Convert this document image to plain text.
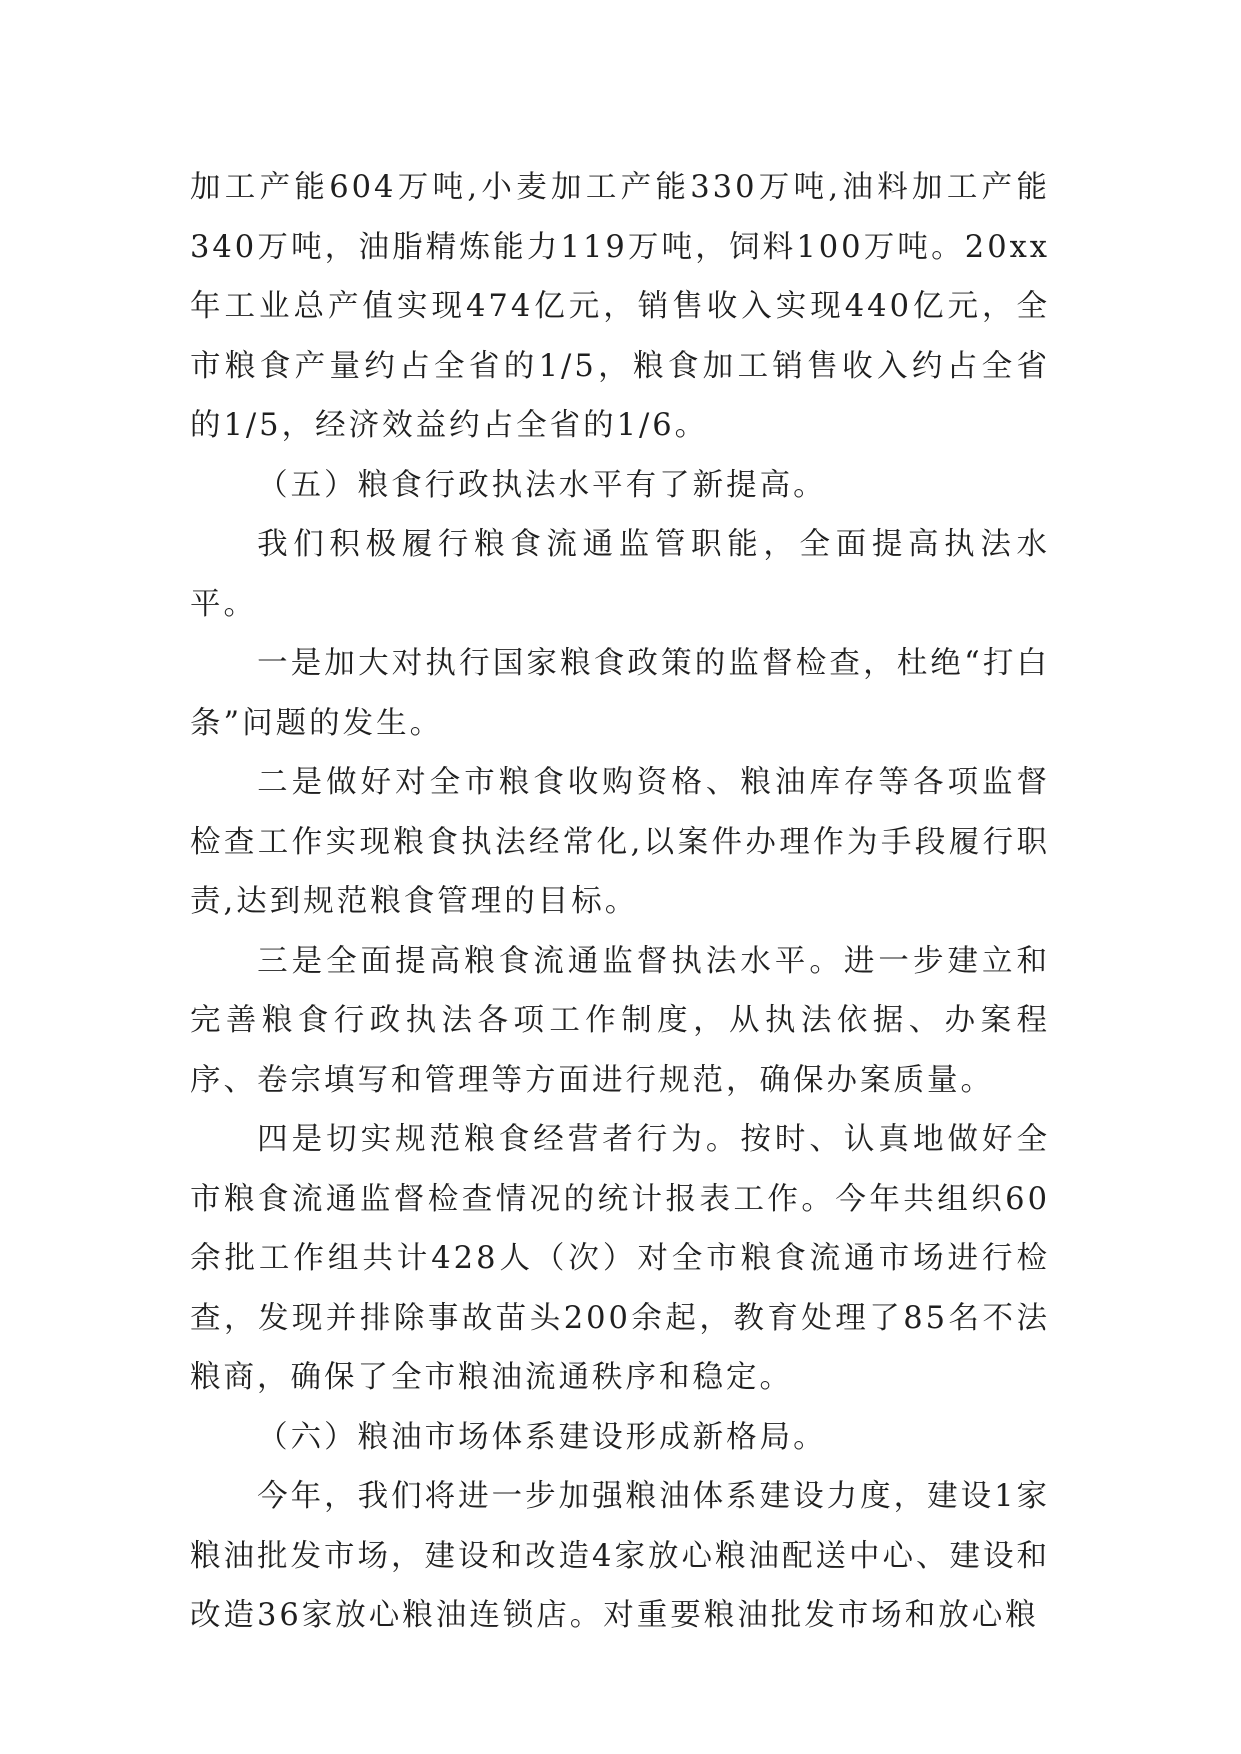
加工产能604万吨,小麦加工产能330万吨,油料加工产能340万吨，油脂精炼能力119万吨，饲料100万吨。20xx年工业总产值实现474亿元，销售收入实现440亿元，全市粮食产量约占全省的1/5，粮食加工销售收入约占全省的1/5，经济效益约占全省的1/6。

（五）粮食行政执法水平有了新提高。

我们积极履行粮食流通监管职能，全面提高执法水平。

一是加大对执行国家粮食政策的监督检查，杜绝“打白条”问题的发生。

二是做好对全市粮食收购资格、粮油库存等各项监督检查工作实现粮食执法经常化,以案件办理作为手段履行职责,达到规范粮食管理的目标。

三是全面提高粮食流通监督执法水平。进一步建立和完善粮食行政执法各项工作制度，从执法依据、办案程序、卷宗填写和管理等方面进行规范，确保办案质量。

四是切实规范粮食经营者行为。按时、认真地做好全市粮食流通监督检查情况的统计报表工作。今年共组织60余批工作组共计428人（次）对全市粮食流通市场进行检查，发现并排除事故苗头200余起，教育处理了85名不法粮商，确保了全市粮油流通秩序和稳定。

（六）粮油市场体系建设形成新格局。

今年，我们将进一步加强粮油体系建设力度，建设1家粮油批发市场，建设和改造4家放心粮油配送中心、建设和改造36家放心粮油连锁店。对重要粮油批发市场和放心粮
